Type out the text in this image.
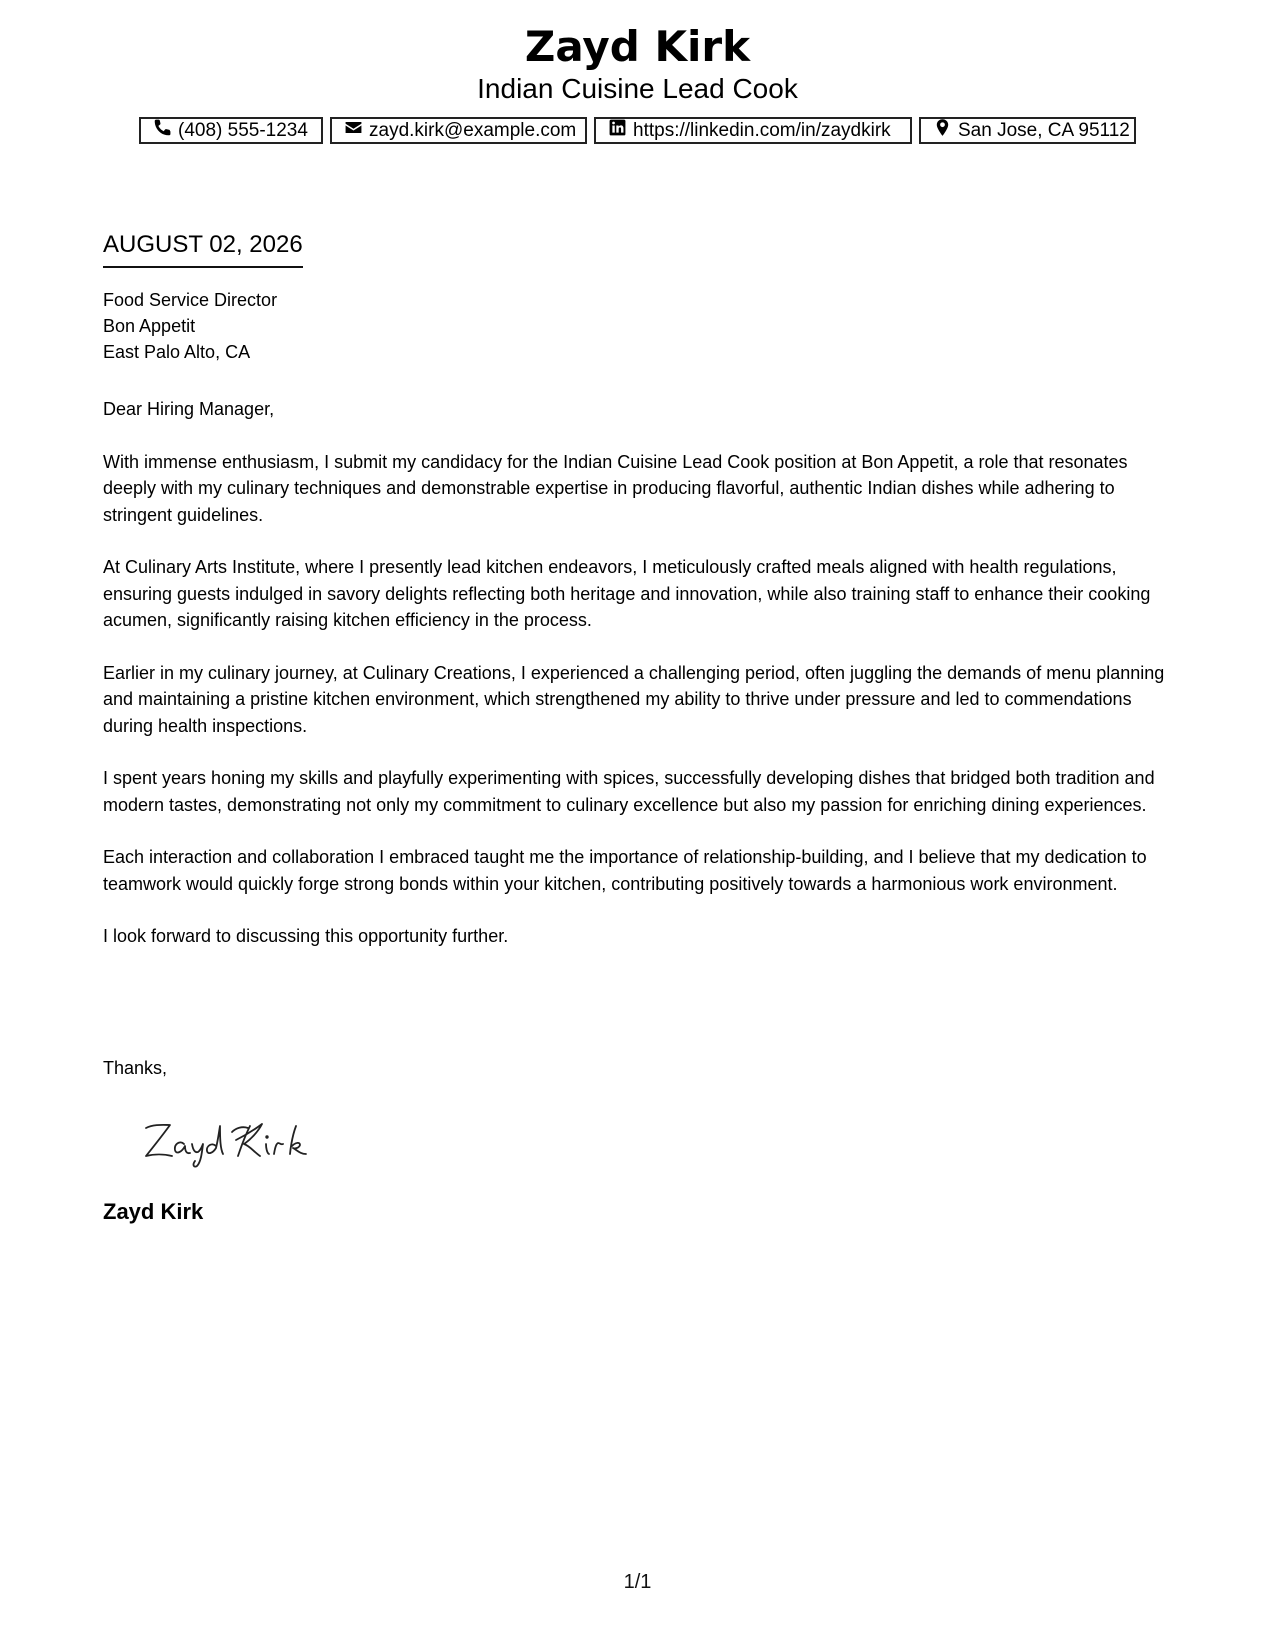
Zayd Kirk
Indian Cuisine Lead Cook
(408) 555-1234	zayd.kirk@example.com	https://linkedin.com/in/zaydkirk	San Jose, CA 95112
AUGUST 02, 2026
Food Service Director
Bon Appetit
East Palo Alto, CA

Dear Hiring Manager,

With immense enthusiasm, I submit my candidacy for the Indian Cuisine Lead Cook position at Bon Appetit, a role that resonates deeply with my culinary techniques and demonstrable expertise in producing flavorful, authentic Indian dishes while adhering to stringent guidelines.

At Culinary Arts Institute, where I presently lead kitchen endeavors, I meticulously crafted meals aligned with health regulations, ensuring guests indulged in savory delights reflecting both heritage and innovation, while also training staff to enhance their cooking acumen, significantly raising kitchen efficiency in the process.

Earlier in my culinary journey, at Culinary Creations, I experienced a challenging period, often juggling the demands of menu planning and maintaining a pristine kitchen environment, which strengthened my ability to thrive under pressure and led to commendations during health inspections.

I spent years honing my skills and playfully experimenting with spices, successfully developing dishes that bridged both tradition and modern tastes, demonstrating not only my commitment to culinary excellence but also my passion for enriching dining experiences.

Each interaction and collaboration I embraced taught me the importance of relationship-building, and I believe that my dedication to teamwork would quickly forge strong bonds within your kitchen, contributing positively towards a harmonious work environment.

I look forward to discussing this opportunity further.

Thanks,
Zayd Kirk
1/1
